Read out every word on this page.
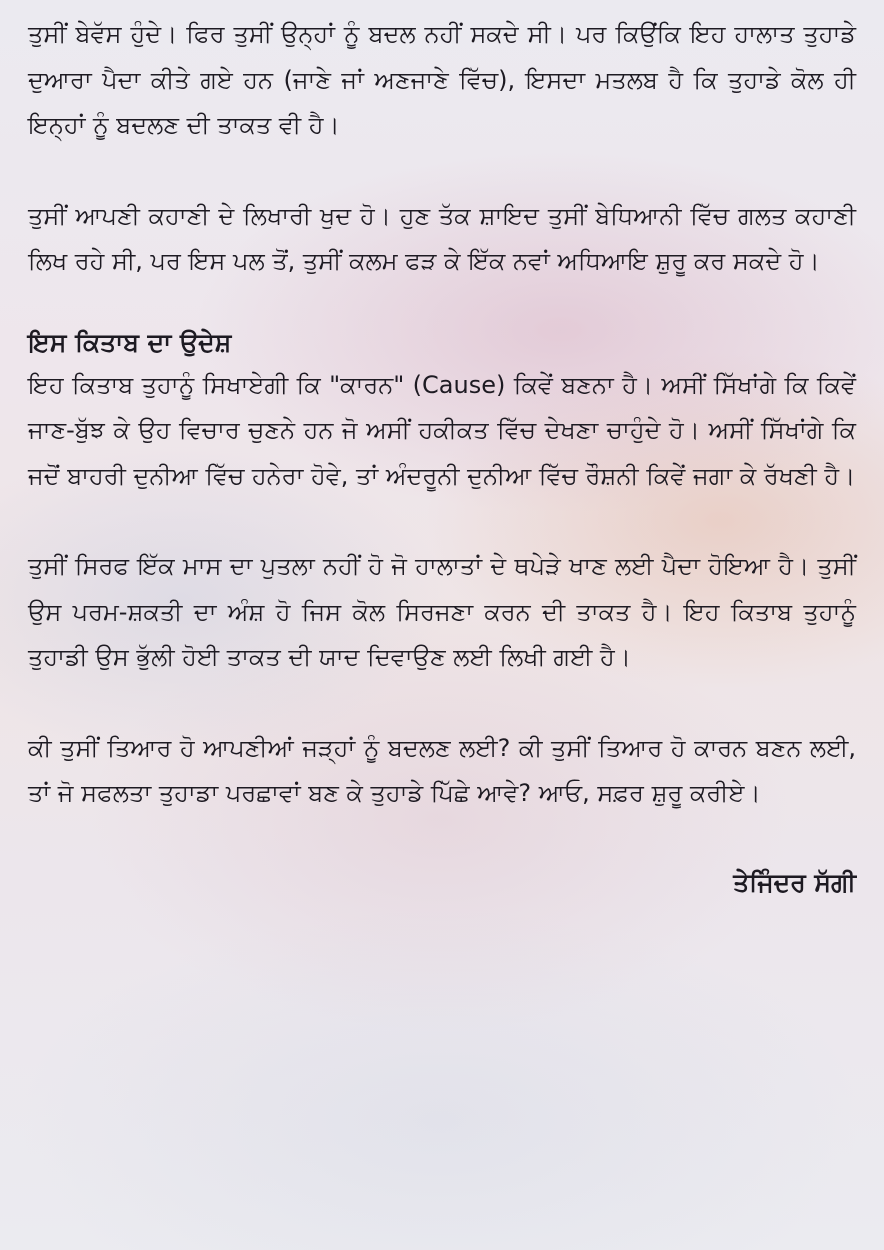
ਤੁਸੀਂ ਬੇਵੱਸ ਹੁੰਦੇ। ਫਿਰ ਤੁਸੀਂ ਉਨ੍ਹਾਂ ਨੂੰ ਬਦਲ ਨਹੀਂ ਸਕਦੇ ਸੀ। ਪਰ ਕਿਉਂਕਿ ਇਹ ਹਾਲਾਤ ਤੁਹਾਡੇ ਦੁਆਰਾ ਪੈਦਾ ਕੀਤੇ ਗਏ ਹਨ (ਜਾਣੇ ਜਾਂ ਅਣਜਾਣੇ ਵਿੱਚ), ਇਸਦਾ ਮਤਲਬ ਹੈ ਕਿ ਤੁਹਾਡੇ ਕੋਲ ਹੀ ਇਨ੍ਹਾਂ ਨੂੰ ਬਦਲਣ ਦੀ ਤਾਕਤ ਵੀ ਹੈ।

ਤੁਸੀਂ ਆਪਣੀ ਕਹਾਣੀ ਦੇ ਲਿਖਾਰੀ ਖੁਦ ਹੋ। ਹੁਣ ਤੱਕ ਸ਼ਾਇਦ ਤੁਸੀਂ ਬੇਧਿਆਨੀ ਵਿੱਚ ਗਲਤ ਕਹਾਣੀ ਲਿਖ ਰਹੇ ਸੀ, ਪਰ ਇਸ ਪਲ ਤੋਂ, ਤੁਸੀਂ ਕਲਮ ਫੜ ਕੇ ਇੱਕ ਨਵਾਂ ਅਧਿਆਇ ਸ਼ੁਰੂ ਕਰ ਸਕਦੇ ਹੋ।

ਇਸ ਕਿਤਾਬ ਦਾ ਉਦੇਸ਼

ਇਹ ਕਿਤਾਬ ਤੁਹਾਨੂੰ ਸਿਖਾਏਗੀ ਕਿ "ਕਾਰਨ" (Cause) ਕਿਵੇਂ ਬਣਨਾ ਹੈ। ਅਸੀਂ ਸਿੱਖਾਂਗੇ ਕਿ ਕਿਵੇਂ ਜਾਣ-ਬੁੱਝ ਕੇ ਉਹ ਵਿਚਾਰ ਚੁਣਨੇ ਹਨ ਜੋ ਅਸੀਂ ਹਕੀਕਤ ਵਿੱਚ ਦੇਖਣਾ ਚਾਹੁੰਦੇ ਹੋ। ਅਸੀਂ ਸਿੱਖਾਂਗੇ ਕਿ ਜਦੋਂ ਬਾਹਰੀ ਦੁਨੀਆ ਵਿੱਚ ਹਨੇਰਾ ਹੋਵੇ, ਤਾਂ ਅੰਦਰੂਨੀ ਦੁਨੀਆ ਵਿੱਚ ਰੌਸ਼ਨੀ ਕਿਵੇਂ ਜਗਾ ਕੇ ਰੱਖਣੀ ਹੈ।

ਤੁਸੀਂ ਸਿਰਫ ਇੱਕ ਮਾਸ ਦਾ ਪੁਤਲਾ ਨਹੀਂ ਹੋ ਜੋ ਹਾਲਾਤਾਂ ਦੇ ਥਪੇੜੇ ਖਾਣ ਲਈ ਪੈਦਾ ਹੋਇਆ ਹੈ। ਤੁਸੀਂ ਉਸ ਪਰਮ-ਸ਼ਕਤੀ ਦਾ ਅੰਸ਼ ਹੋ ਜਿਸ ਕੋਲ ਸਿਰਜਣਾ ਕਰਨ ਦੀ ਤਾਕਤ ਹੈ। ਇਹ ਕਿਤਾਬ ਤੁਹਾਨੂੰ ਤੁਹਾਡੀ ਉਸ ਭੁੱਲੀ ਹੋਈ ਤਾਕਤ ਦੀ ਯਾਦ ਦਿਵਾਉਣ ਲਈ ਲਿਖੀ ਗਈ ਹੈ।

ਕੀ ਤੁਸੀਂ ਤਿਆਰ ਹੋ ਆਪਣੀਆਂ ਜੜ੍ਹਾਂ ਨੂੰ ਬਦਲਣ ਲਈ? ਕੀ ਤੁਸੀਂ ਤਿਆਰ ਹੋ ਕਾਰਨ ਬਣਨ ਲਈ, ਤਾਂ ਜੋ ਸਫਲਤਾ ਤੁਹਾਡਾ ਪਰਛਾਵਾਂ ਬਣ ਕੇ ਤੁਹਾਡੇ ਪਿੱਛੇ ਆਵੇ? ਆਓ, ਸਫ਼ਰ ਸ਼ੁਰੂ ਕਰੀਏ।

ਤੇਜਿੰਦਰ ਸੱਗੀ
